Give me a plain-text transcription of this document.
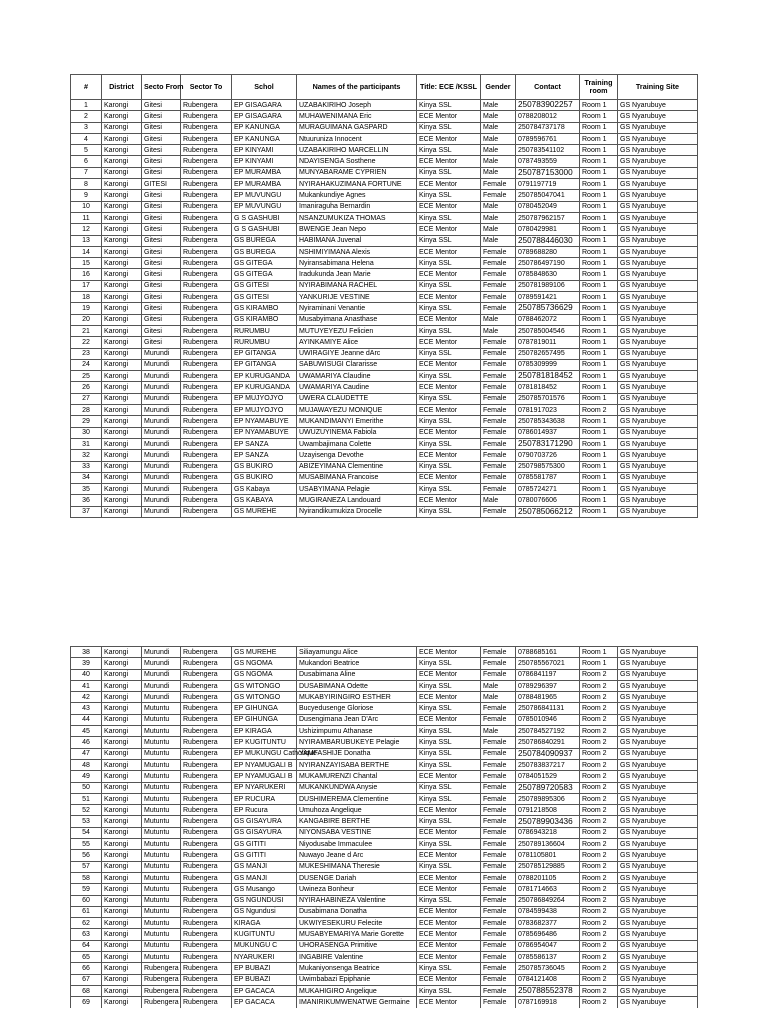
#	District	Secto From	Sector To	Schol	Names of the participants	Title: ECE /KSSL	Gender	Contact	Training room	Training Site
1	Karongi	Gitesi	Rubengera	EP GISAGARA	UZABAKIRIHO Joseph	Kinya SSL	Male	250783902257	Room 1	GS Nyarubuye
2	Karongi	Gitesi	Rubengera	EP GISAGARA	MUHAWENIMANA Eric	ECE Mentor	Male	0788208012	Room 1	GS Nyarubuye
3	Karongi	Gitesi	Rubengera	EP KANUNGA	MURAGUIMANA GASPARD	Kinya SSL	Male	250784737178	Room 1	GS Nyarubuye
4	Karongi	Gitesi	Rubengera	EP KANUNGA	Ntuuruniza Innocent	ECE Mentor	Male	0789596761	Room 1	GS Nyarubuye
5	Karongi	Gitesi	Rubengera	EP KINYAMI	UZABAKIRIHO MARCELLIN	Kinya SSL	Male	250783541102	Room 1	GS Nyarubuye
6	Karongi	Gitesi	Rubengera	EP KINYAMI	NDAYISENGA Sosthene	ECE Mentor	Male	0787493559	Room 1	GS Nyarubuye
7	Karongi	Gitesi	Rubengera	EP MURAMBA	MUNYABARAME CYPRIEN	Kinya SSL	Male	250787153000	Room 1	GS Nyarubuye
8	Karongi	GITESI	Rubengera	EP MURAMBA	NYIRAHAKUZIMANA FORTUNE	ECE Mentor	Female	0791197719	Room 1	GS Nyarubuye
9	Karongi	Gitesi	Rubengera	EP MUVUNGU	Mukankundiye Agnes	Kinya SSL	Female	250785047041	Room 1	GS Nyarubuye
10	Karongi	Gitesi	Rubengera	EP MUVUNGU	Imaniraguha Bernardin	ECE Mentor	Male	0780452049	Room 1	GS Nyarubuye
11	Karongi	Gitesi	Rubengera	G S GASHUBI	NSANZUMUKIZA THOMAS	Kinya SSL	Male	250787962157	Room 1	GS Nyarubuye
12	Karongi	Gitesi	Rubengera	G S GASHUBI	BWENGE Jean Nepo	ECE Mentor	Male	0780429981	Room 1	GS Nyarubuye
13	Karongi	Gitesi	Rubengera	GS BUREGA	HABIMANA Juvenal	Kinya SSL	Male	250788446030	Room 1	GS Nyarubuye
14	Karongi	Gitesi	Rubengera	GS BUREGA	NSHIMIYIMANA Alexis	ECE Mentor	Female	0789688280	Room 1	GS Nyarubuye
15	Karongi	Gitesi	Rubengera	GS GITEGA	Nyiransabimana Helena	Kinya SSL	Female	250786497190	Room 1	GS Nyarubuye
16	Karongi	Gitesi	Rubengera	GS GITEGA	Iradukunda Jean Marie	ECE Mentor	Female	0785848630	Room 1	GS Nyarubuye
17	Karongi	Gitesi	Rubengera	GS GITESI	NYIRABIMANA RACHEL	Kinya SSL	Female	250781989106	Room 1	GS Nyarubuye
18	Karongi	Gitesi	Rubengera	GS GITESI	YANKURIJE VESTINE	ECE Mentor	Female	0789591421	Room 1	GS Nyarubuye
19	Karongi	Gitesi	Rubengera	GS KIRAMBO	Nyiraminani Venantie	Kinya SSL	Female	250785736629	Room 1	GS Nyarubuye
20	Karongi	Gitesi	Rubengera	GS KIRAMBO	Musabyimana Anasthase	ECE Mentor	Male	0788462072	Room 1	GS Nyarubuye
21	Karongi	Gitesi	Rubengera	RURUMBU	MUTUYEYEZU Felicien	Kinya SSL	Male	250785004546	Room 1	GS Nyarubuye
22	Karongi	Gitesi	Rubengera	RURUMBU	AYINKAMIYE Alice	ECE Mentor	Female	0787819011	Room 1	GS Nyarubuye
23	Karongi	Murundi	Rubengera	EP GITANGA	UWIRAGIYE Jeanne dArc	Kinya SSL	Female	250782657495	Room 1	GS Nyarubuye
24	Karongi	Murundi	Rubengera	EP GITANGA	SABUWISUGI Clararisse	ECE Mentor	Female	0785309999	Room 1	GS Nyarubuye
25	Karongi	Murundi	Rubengera	EP KURUGANDA	UWAMARIYA Claudine	Kinya SSL	Female	250781818452	Room 1	GS Nyarubuye
26	Karongi	Murundi	Rubengera	EP KURUGANDA	UWAMARIYA Caudine	ECE Mentor	Female	0781818452	Room 1	GS Nyarubuye
27	Karongi	Murundi	Rubengera	EP MUJYOJYO	UWERA CLAUDETTE	Kinya SSL	Female	250785701576	Room 1	GS Nyarubuye
28	Karongi	Murundi	Rubengera	EP MUJYOJYO	MUJAWAYEZU MONIQUE	ECE Mentor	Female	0781917023	Room 2	GS Nyarubuye
29	Karongi	Murundi	Rubengera	EP NYAMABUYE	MUKANDIMANYI Emerithe	Kinya SSL	Female	250785343638	Room 1	GS Nyarubuye
30	Karongi	Murundi	Rubengera	EP NYAMABUYE	UWUZUYINEMA Fabiola	ECE Mentor	Female	0786014937	Room 1	GS Nyarubuye
31	Karongi	Murundi	Rubengera	EP SANZA	Uwambajimana Colette	Kinya SSL	Female	250783171290	Room 1	GS Nyarubuye
32	Karongi	Murundi	Rubengera	EP SANZA	Uzayisenga Devothe	ECE Mentor	Female	0790703726	Room 1	GS Nyarubuye
33	Karongi	Murundi	Rubengera	GS BUKIRO	ABIZEYIMANA Clementine	Kinya SSL	Female	250798575300	Room 1	GS Nyarubuye
34	Karongi	Murundi	Rubengera	GS BUKIRO	MUSABIMANA Francoise	ECE Mentor	Female	0785581787	Room 1	GS Nyarubuye
35	Karongi	Murundi	Rubengera	GS Kabaya	USABYIMANA Pelagie	Kinya SSL	Female	0785724271	Room 1	GS Nyarubuye
36	Karongi	Murundi	Rubengera	GS KABAYA	MUGIRANEZA Landouard	ECE Mentor	Male	0780076606	Room 1	GS Nyarubuye
37	Karongi	Murundi	Rubengera	GS MUREHE	Nyirandikumukiza Drocelle	Kinya SSL	Female	250785066212	Room 1	GS Nyarubuye
38	Karongi	Murundi	Rubengera	GS MUREHE	Siliayamungu Alice	ECE Mentor	Female	0788685161	Room 1	GS Nyarubuye
39	Karongi	Murundi	Rubengera	GS NGOMA	Mukandori Beatrice	Kinya SSL	Female	250785567021	Room 1	GS Nyarubuye
40	Karongi	Murundi	Rubengera	GS NGOMA	Dusabimana Aline	ECE Mentor	Female	0786841197	Room 2	GS Nyarubuye
41	Karongi	Murundi	Rubengera	GS WITONGO	DUSABIMANA Odette	Kinya SSL	Male	0789296397	Room 2	GS Nyarubuye
42	Karongi	Murundi	Rubengera	GS WITONGO	MUKABYIRINGIRO ESTHER	ECE Mentor	Male	0788481965	Room 2	GS Nyarubuye
43	Karongi	Mutuntu	Rubengera	EP GIHUNGA	Bucyedusenge Gloriose	Kinya SSL	Female	250786841131	Room 2	GS Nyarubuye
44	Karongi	Mutuntu	Rubengera	EP GIHUNGA	Dusengimana Jean D'Arc	ECE Mentor	Female	0785010946	Room 2	GS Nyarubuye
45	Karongi	Mutuntu	Rubengera	EP KIRAGA	Ushizimpumu Athanase	Kinya SSL	Male	250784527192	Room 2	GS Nyarubuye
46	Karongi	Mutuntu	Rubengera	EP KUGITUNTU	NYIRAMBARUBUKEYE Pelagie	Kinya SSL	Female	250786840291	Room 2	GS Nyarubuye
47	Karongi	Mutuntu	Rubengera	EP MUKUNGU Catholique	YAMFASHIJE Donatha	Kinya SSL	Female	250784090937	Room 2	GS Nyarubuye
48	Karongi	Mutuntu	Rubengera	EP NYAMUGALI B	NYIRANZAYISABA BERTHE	Kinya SSL	Female	250783837217	Room 2	GS Nyarubuye
49	Karongi	Mutuntu	Rubengera	EP NYAMUGALI B	MUKAMURENZI Chantal	ECE Mentor	Female	0784051529	Room 2	GS Nyarubuye
50	Karongi	Mutuntu	Rubengera	EP NYARUKERI	MUKANKUNDWA Anysie	Kinya SSL	Female	250789720583	Room 2	GS Nyarubuye
51	Karongi	Mutuntu	Rubengera	EP RUCURA	DUSHIMEREMA Clementine	Kinya SSL	Female	250789895306	Room 2	GS Nyarubuye
52	Karongi	Mutuntu	Rubengera	EP Rucura	Umuhoza Angelique	ECE Mentor	Female	0791218508	Room 2	GS Nyarubuye
53	Karongi	Mutuntu	Rubengera	GS GISAYURA	KANGABIRE BERTHE	Kinya SSL	Female	250789903436	Room 2	GS Nyarubuye
54	Karongi	Mutuntu	Rubengera	GS GISAYURA	NIYONSABA VESTINE	ECE Mentor	Female	0786943218	Room 2	GS Nyarubuye
55	Karongi	Mutuntu	Rubengera	GS GITITI	Niyodusabe Immaculee	Kinya SSL	Female	250789136604	Room 2	GS Nyarubuye
56	Karongi	Mutuntu	Rubengera	GS GITITI	Nuwayo Jeane d Arc	ECE Mentor	Female	0781105801	Room 2	GS Nyarubuye
57	Karongi	Mutuntu	Rubengera	GS MANJI	MUKESHIMANA Theresie	Kinya SSL	Female	250785129885	Room 2	GS Nyarubuye
58	Karongi	Mutuntu	Rubengera	GS MANJI	DUSENGE Dariah	ECE Mentor	Female	0788201105	Room 2	GS Nyarubuye
59	Karongi	Mutuntu	Rubengera	GS Musango	Uwineza Bonheur	ECE Mentor	Female	0781714663	Room 2	GS Nyarubuye
60	Karongi	Mutuntu	Rubengera	GS NGUNDUSI	NYIRAHABINEZA Valentine	Kinya SSL	Female	250786849264	Room 2	GS Nyarubuye
61	Karongi	Mutuntu	Rubengera	GS Ngundusi	Dusabimana Donatha	ECE Mentor	Female	0784599438	Room 2	GS Nyarubuye
62	Karongi	Mutuntu	Rubengera	KIRAGA	UKWIYESEKURU Felecite	ECE Mentor	Female	0783682377	Room 2	GS Nyarubuye
63	Karongi	Mutuntu	Rubengera	KUGITUNTU	MUSABYEMARIYA Marie Gorette	ECE Mentor	Female	0785696486	Room 2	GS Nyarubuye
64	Karongi	Mutuntu	Rubengera	MUKUNGU C	UHORASENGA Primitive	ECE Mentor	Female	0786954047	Room 2	GS Nyarubuye
65	Karongi	Mutuntu	Rubengera	NYARUKERI	INGABIRE Valentine	ECE Mentor	Female	0785586137	Room 2	GS Nyarubuye
66	Karongi	Rubengera	Rubengera	EP BUBAZI	Mukaniyonsenga Beatrice	Kinya SSL	Female	250785736045	Room 2	GS Nyarubuye
67	Karongi	Rubengera	Rubengera	EP BUBAZI	Uwimbabazi Epiphanie	ECE Mentor	Female	0784121408	Room 2	GS Nyarubuye
68	Karongi	Rubengera	Rubengera	EP GACACA	MUKAHIGIRO Angelique	Kinya SSL	Female	250788552378	Room 2	GS Nyarubuye
69	Karongi	Rubengera	Rubengera	EP GACACA	IMANIRIKUMWENATWE Germaine	ECE Mentor	Female	0787169918	Room 2	GS Nyarubuye
